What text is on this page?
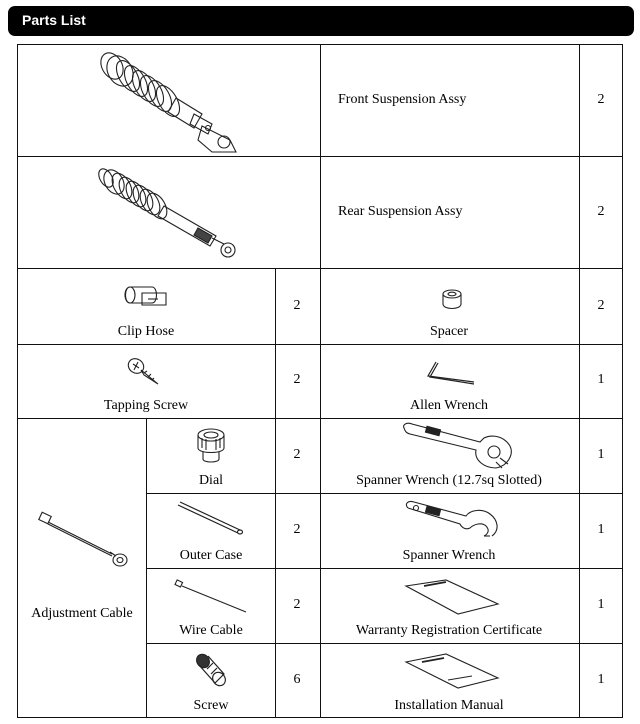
Parts List
Front Suspension Assy	2
Rear Suspension Assy	2
Clip Hose
2
Spacer
2
Tapping Screw
2
Allen Wrench
1
Adjustment Cable
Dial
2
Spanner Wrench (12.7sq Slotted)
1
Outer Case
2
Spanner Wrench
1
Wire Cable
2
Warranty Registration Certificate
1
Screw
6
Installation Manual
1
